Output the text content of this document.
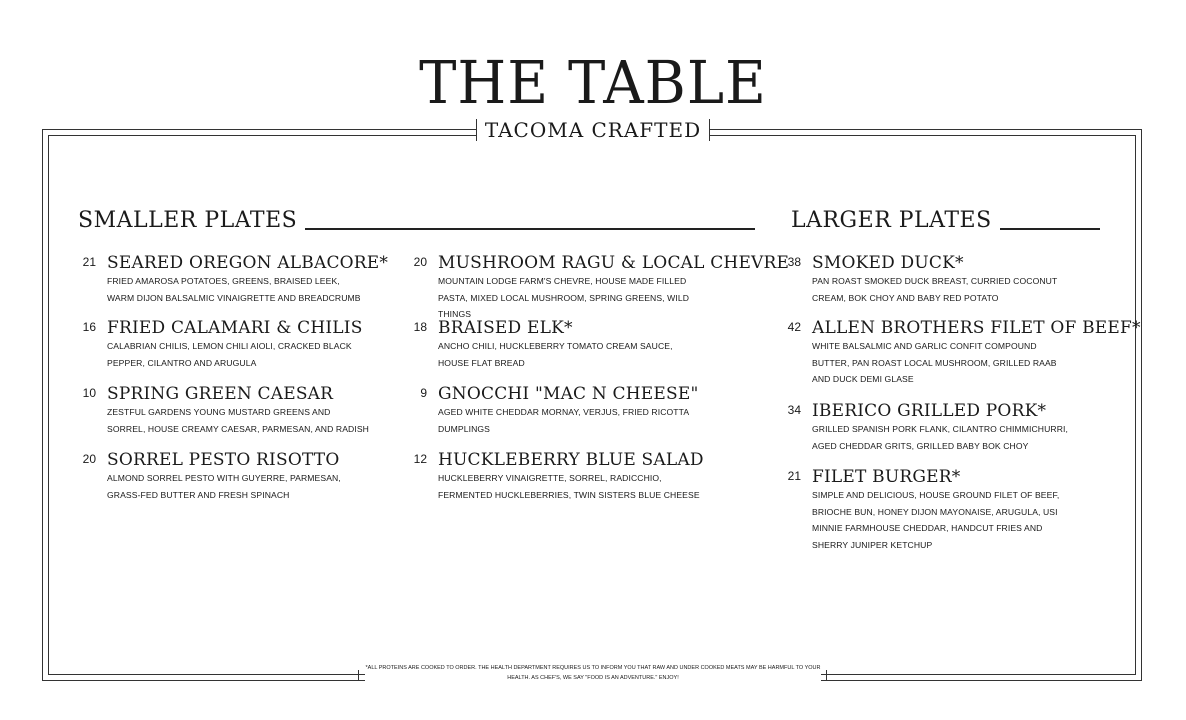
THE TABLE
TACOMA CRAFTED
SMALLER PLATES	LARGER PLATES
21 SEARED OREGON ALBACORE*
FRIED AMAROSA POTATOES, GREENS, BRAISED LEEK, WARM DIJON BALSALMIC VINAIGRETTE AND BREADCRUMB
16 FRIED CALAMARI & CHILIS
CALABRIAN CHILIS, LEMON CHILI AIOLI, CRACKED BLACK PEPPER, CILANTRO AND ARUGULA
10 SPRING GREEN CAESAR
ZESTFUL GARDENS YOUNG MUSTARD GREENS AND SORREL, HOUSE CREAMY CAESAR, PARMESAN, AND RADISH
20 SORREL PESTO RISOTTO
ALMOND SORREL PESTO WITH GUYERRE, PARMESAN, GRASS-FED BUTTER AND FRESH SPINACH
20 MUSHROOM RAGU & LOCAL CHEVRE
MOUNTAIN LODGE FARM'S CHEVRE, HOUSE MADE FILLED PASTA, MIXED LOCAL MUSHROOM, SPRING GREENS, WILD THINGS
18 BRAISED ELK*
ANCHO CHILI, HUCKLEBERRY TOMATO CREAM SAUCE, HOUSE FLAT BREAD
9 GNOCCHI "MAC N CHEESE"
AGED WHITE CHEDDAR MORNAY, VERJUS, FRIED RICOTTA DUMPLINGS
12 HUCKLEBERRY BLUE SALAD
HUCKLEBERRY VINAIGRETTE, SORREL, RADICCHIO, FERMENTED HUCKLEBERRIES, TWIN SISTERS BLUE CHEESE
38 SMOKED DUCK*
PAN ROAST SMOKED DUCK BREAST, CURRIED COCONUT CREAM, BOK CHOY AND BABY RED POTATO
42 ALLEN BROTHERS FILET OF BEEF*
WHITE BALSALMIC AND GARLIC CONFIT COMPOUND BUTTER, PAN ROAST LOCAL MUSHROOM, GRILLED RAAB AND DUCK DEMI GLASE
34 IBERICO GRILLED PORK*
GRILLED SPANISH PORK FLANK, CILANTRO CHIMMICHURRI, AGED CHEDDAR GRITS, GRILLED BABY BOK CHOY
21 FILET BURGER*
SIMPLE AND DELICIOUS, HOUSE GROUND FILET OF BEEF, BRIOCHE BUN, HONEY DIJON MAYONAISE, ARUGULA, USI MINNIE FARMHOUSE CHEDDAR, HANDCUT FRIES AND SHERRY JUNIPER KETCHUP
*ALL PROTEINS ARE COOKED TO ORDER. THE HEALTH DEPARTMENT REQUIRES US TO INFORM YOU THAT RAW AND UNDER COOKED MEATS MAY BE HARMFUL TO YOUR HEALTH. AS CHEF'S, WE SAY "FOOD IS AN ADVENTURE." ENJOY!
